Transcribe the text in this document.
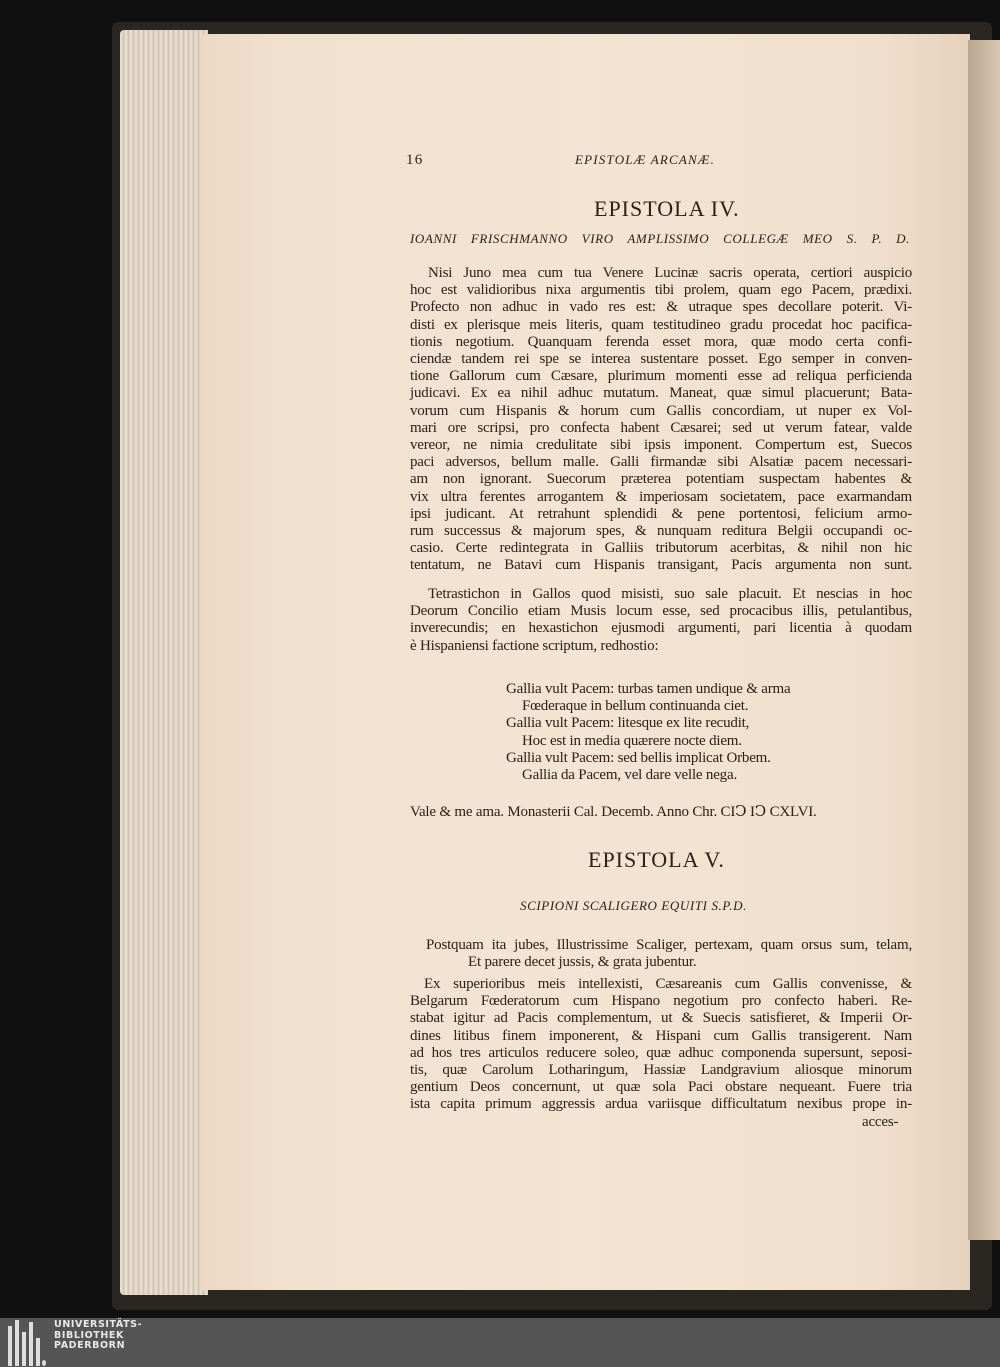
16	EPISTOLÆ ARCANÆ.
EPISTOLA IV.
IOANNI FRISCHMANNO VIRO AMPLISSIMO COLLEGÆ MEO S. P. D.
Nisi Juno mea cum tua Venere Lucinæ sacris operata, certiori auspicio
hoc est validioribus nixa argumentis tibi prolem, quam ego Pacem, prædixi.
Profecto non adhuc in vado res est: & utraque spes decollare poterit. Vi-
disti ex plerisque meis literis, quam testitudineo gradu procedat hoc pacifica-
tionis negotium. Quanquam ferenda esset mora, quæ modo certa confi-
ciendæ tandem rei spe se interea sustentare posset. Ego semper in conven-
tione Gallorum cum Cæsare, plurimum momenti esse ad reliqua perficienda
judicavi. Ex ea nihil adhuc mutatum. Maneat, quæ simul placuerunt; Bata-
vorum cum Hispanis & horum cum Gallis concordiam, ut nuper ex Vol-
mari ore scripsi, pro confecta habent Cæsarei; sed ut verum fatear, valde
vereor, ne nimia credulitate sibi ipsis imponent. Compertum est, Suecos
paci adversos, bellum malle. Galli firmandæ sibi Alsatiæ pacem necessari-
am non ignorant. Suecorum præterea potentiam suspectam habentes &
vix ultra ferentes arrogantem & imperiosam societatem, pace exarmandam
ipsi judicant. At retrahunt splendidi & pene portentosi, felicium armo-
rum successus & majorum spes, & nunquam reditura Belgii occupandi oc-
casio. Certe redintegrata in Galliis tributorum acerbitas, & nihil non hic
tentatum, ne Batavi cum Hispanis transigant, Pacis argumenta non sunt.
Tetrastichon in Gallos quod misisti, suo sale placuit. Et nescias in hoc
Deorum Concilio etiam Musis locum esse, sed procacibus illis, petulantibus,
inverecundis; en hexastichon ejusmodi argumenti, pari licentia à quodam
è Hispaniensi factione scriptum, redhostio:
Gallia vult Pacem: turbas tamen undique & arma
Fœderaque in bellum continuanda ciet.
Gallia vult Pacem: litesque ex lite recudit,
Hoc est in media quærere nocte diem.
Gallia vult Pacem: sed bellis implicat Orbem.
Gallia da Pacem, vel dare velle nega.
Vale & me ama. Monasterii Cal. Decemb. Anno Chr. CIↃ IↃ CXLVI.
EPISTOLA V.
SCIPIONI SCALIGERO EQUITI S.P.D.
Postquam ita jubes, Illustrissime Scaliger, pertexam, quam orsus sum, telam,
Et parere decet jussis, & grata jubentur.
Ex superioribus meis intellexisti, Cæsareanis cum Gallis convenisse, &
Belgarum Fœderatorum cum Hispano negotium pro confecto haberi. Re-
stabat igitur ad Pacis complementum, ut & Suecis satisfieret, & Imperii Or-
dines litibus finem imponerent, & Hispani cum Gallis transigerent. Nam
ad hos tres articulos reducere soleo, quæ adhuc componenda supersunt, seposi-
tis, quæ Carolum Lotharingum, Hassiæ Landgravium aliosque minorum
gentium Deos concernunt, ut quæ sola Paci obstare nequeant. Fuere tria
ista capita primum aggressis ardua variisque difficultatum nexibus prope in-
acces-
UNIVERSITÄTS-
BIBLIOTHEK
PADERBORN
